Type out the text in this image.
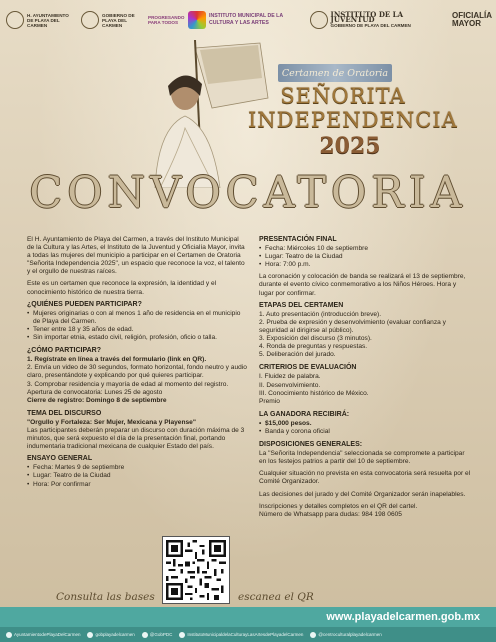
H. AYUNTAMIENTO DE PLAYA DEL CARMEN
GOBIERNO DE PLAYA DEL CARMEN
PROGRESANDO PARA TODOS
INSTITUTO MUNICIPAL DE LA CULTURA Y LAS ARTES
INSTITUTO DE LA JUVENTUD
GOBIERNO DE PLAYA DEL CARMEN
OFICIALÍA MAYOR
Certamen de Oratoria
SEÑORITA
INDEPENDENCIA
2025
CONVOCATORIA

El H. Ayuntamiento de Playa del Carmen, a través del Instituto Municipal de la Cultura y las Artes, el Instituto de la Juventud y Oficialía Mayor, invita a todas las mujeres del municipio a participar en el Certamen de Oratoria "Señorita Independencia 2025", un espacio que reconoce la voz, el talento y el orgullo de nuestras raíces.

Este es un certamen que reconoce la expresión, la identidad y el conocimiento histórico de nuestra tierra.

¿QUIÉNES PUEDEN PARTICIPAR?
• Mujeres originarias o con al menos 1 año de residencia en el municipio de Playa del Carmen.
• Tener entre 18 y 35 años de edad.
• Sin importar etnia, estado civil, religión, profesión, oficio o talla.
¿CÓMO PARTICIPAR?
1. Regístrate en línea a través del formulario (link en QR).
2. Envía un video de 30 segundos, formato horizontal, fondo neutro y audio claro, presentándote y explicando por qué quieres participar.
3. Comprobar residencia y mayoría de edad al momento del registro.
Apertura de convocatoria: Lunes 25 de agosto
Cierre de registro: Domingo 8 de septiembre
TEMA DEL DISCURSO
"Orgullo y Fortaleza: Ser Mujer, Mexicana y Playense"

Las participantes deberán preparar un discurso con duración máxima de 3 minutos, que será expuesto el día de la presentación final, portando indumentaria tradicional mexicana de cualquier Estado del país.

ENSAYO GENERAL
• Fecha: Martes 9 de septiembre
• Lugar: Teatro de la Ciudad
• Hora: Por confirmar
PRESENTACIÓN FINAL
• Fecha: Miércoles 10 de septiembre
• Lugar: Teatro de la Ciudad
• Hora: 7:00 p.m.

La coronación y colocación de banda se realizará el 13 de septiembre, durante el evento cívico conmemorativo a los Niños Héroes. Hora y lugar por confirmar.

ETAPAS DEL CERTAMEN
1. Auto presentación (introducción breve).
2. Prueba de expresión y desenvolvimiento (evaluar confianza y seguridad al dirigirse al público).
3. Exposición del discurso (3 minutos).
4. Ronda de preguntas y respuestas.
5. Deliberación del jurado.
CRITERIOS DE EVALUACIÓN
I. Fluidez de palabra.
II. Desenvolvimiento.
III. Conocimiento histórico de México.
Premio
LA GANADORA RECIBIRÁ:
• $15,000 pesos.
• Banda y corona oficial
DISPOSICIONES GENERALES:

La "Señorita Independencia" seleccionada se compromete a participar en los festejos patrios a partir del 10 de septiembre.

Cualquier situación no prevista en esta convocatoria será resuelta por el Comité Organizador.

Las decisiones del jurado y del Comité Organizador serán inapelables.

Inscripciones y detalles completos en el QR del cartel.
Número de Whatsapp para dudas: 984 198 0605
Consulta las bases	escanea el QR
www.playadelcarmen.gob.mx
AyuntamientodePlayaDelCarmen	gobplayadelcarmen	@GobPDC	InstitutoMunicipaldelaCulturayLasArtesdePlayadelCarmen	@centroculturalplayadelcarmen
